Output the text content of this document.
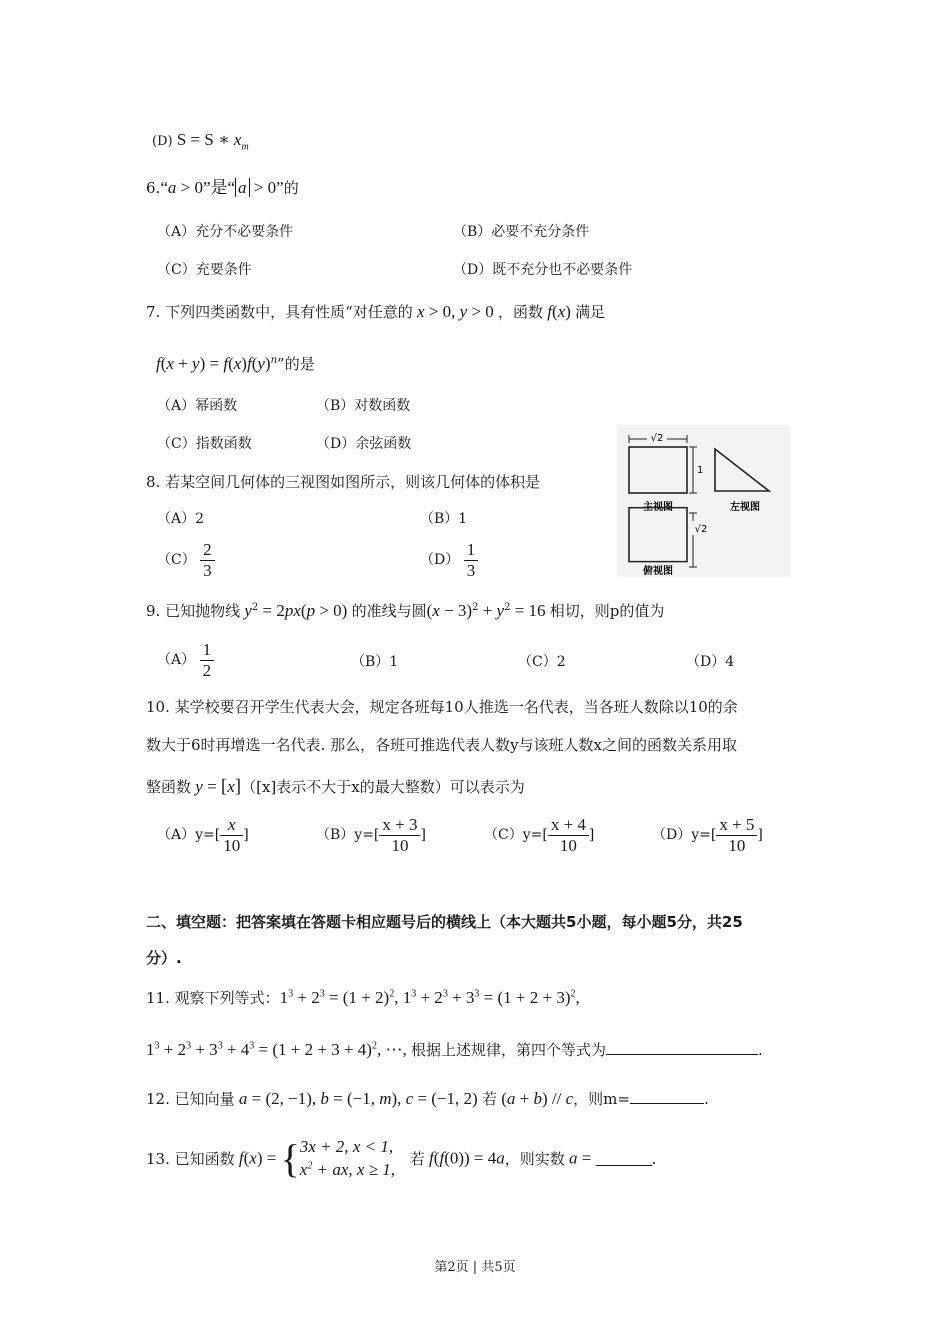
(D) S = S ∗ $x_m$
6.“a > 0”是“ a > 0”的
（A）充分不必要条件	（B）必要不充分条件
（C）充要条件	（D）既不充分也不必要条件
7. 下列四类函数中，具有性质“对任意的 x > 0, y > 0 ，函数 f(x) 满足
$f(x + y) = f(x)f(y)^n$”的是
（A）幂函数	（B）对数函数
（C）指数函数	（D）余弦函数
8. 若某空间几何体的三视图如图所示，则该几何体的体积是
（A）2	（B）1
$(C) \frac{2}{3}$	$(D) \frac{1}{3}$
√2
1
主视图	左视图
√2
俯视图
9. 已知抛物线 $y^2 = 2px(p > 0)$ 的准线与圆$(x - 3)^2 + y^2 = 16$ 相切，则p的值为
$(A) \frac{1}{2}$	（B）1	（C）2	（D）4
10. 某学校要召开学生代表大会，规定各班每10人推选一名代表，当各班人数除以10的余
数大于6时再增选一名代表. 那么，各班可推选代表人数y与该班人数x之间的函数关系用取
整函数 y = [x]（[x]表示不大于x的最大整数）可以表示为
$(A)y=[ \frac{x}{10}$ ]	$(B)y=[ \frac{x + 3}{10}$ ]	$(C)y=[ \frac{x + 4}{10}$ ]	$(D)y=[ \frac{x + 5}{10}$ ]
二、填空题：把答案填在答题卡相应题号后的横线上（本大题共5小题，每小题5分，共25
分）.
11. 观察下列等式：$1^3 + 2^3 = (1 + 2)^2$, $1^3 + 2^3 + 3^3 = (1 + 2 + 3)^2$,
$1^3 + 2^3 + 3^3 + 4^3 = (1 + 2 + 3 + 4)^2$, ⋯, 根据上述规律，第四个等式为	.
12. 已知向量 a = (2, −1), b = (−1, m), c = (−1, 2) 若 (a + b) // c，则m=	.
13. 已知函数 f(x) = {3x + 2, x < 1,
$x^2$ + ax, x ≥ 1, 若 f(f(0)) = 4a，则实数 a =	.
第2页 | 共5页
